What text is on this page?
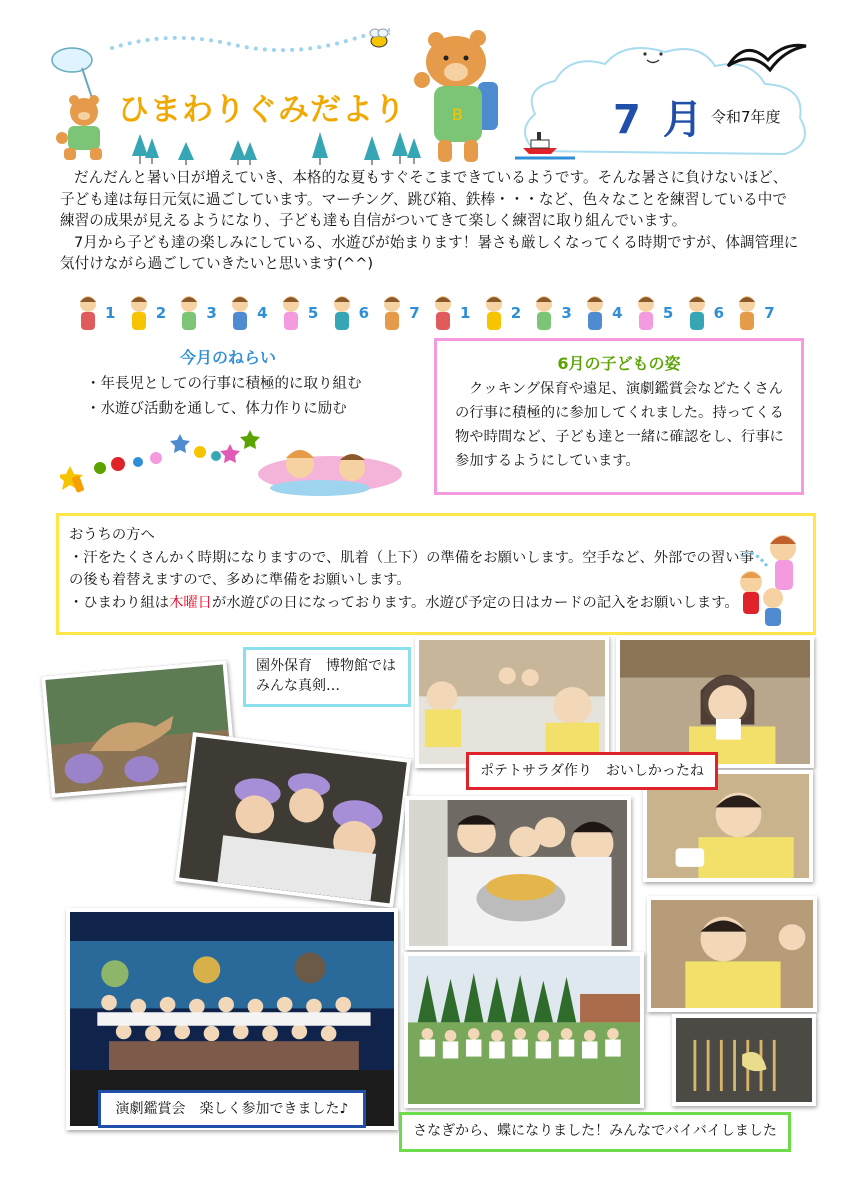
ひまわりぐみだより	B	7 月 令和7年度

だんだんと暑い日が増えていき、本格的な夏もすぐそこまできているようです。そんな暑さに負けないほど、子ども達は毎日元気に過ごしています。マーチング、跳び箱、鉄棒・・・など、色々なことを練習している中で練習の成果が見えるようになり、子ども達も自信がついてきて楽しく練習に取り組んでいます。

7月から子ども達の楽しみにしている、水遊びが始まります！暑さも厳しくなってくる時期ですが、体調管理に気付けながら過ごしていきたいと思います(^^)

1	2	3	4	5	6	7	1	2	3	4	5	6	7
今月のねらい
・年長児としての行事に積極的に取り組む
・水遊び活動を通して、体力作りに励む
6月の子どもの姿
クッキング保育や遠足、演劇鑑賞会などたくさんの行事に積極的に参加してくれました。持ってくる物や時間など、子ども達と一緒に確認をし、行事に参加するようにしています。
おうちの方へ
・汗をたくさんかく時期になりますので、肌着（上下）の準備をお願いします。空手など、外部での習い事の後も着替えますので、多めに準備をお願いします。
・ひまわり組は木曜日が水遊びの日になっております。水遊び予定の日はカードの記入をお願いします。
園外保育　博物館では
みんな真剣…
ポテトサラダ作り　おいしかったね
演劇鑑賞会　楽しく参加できました♪
さなぎから、蝶になりました！みんなでバイバイしました
